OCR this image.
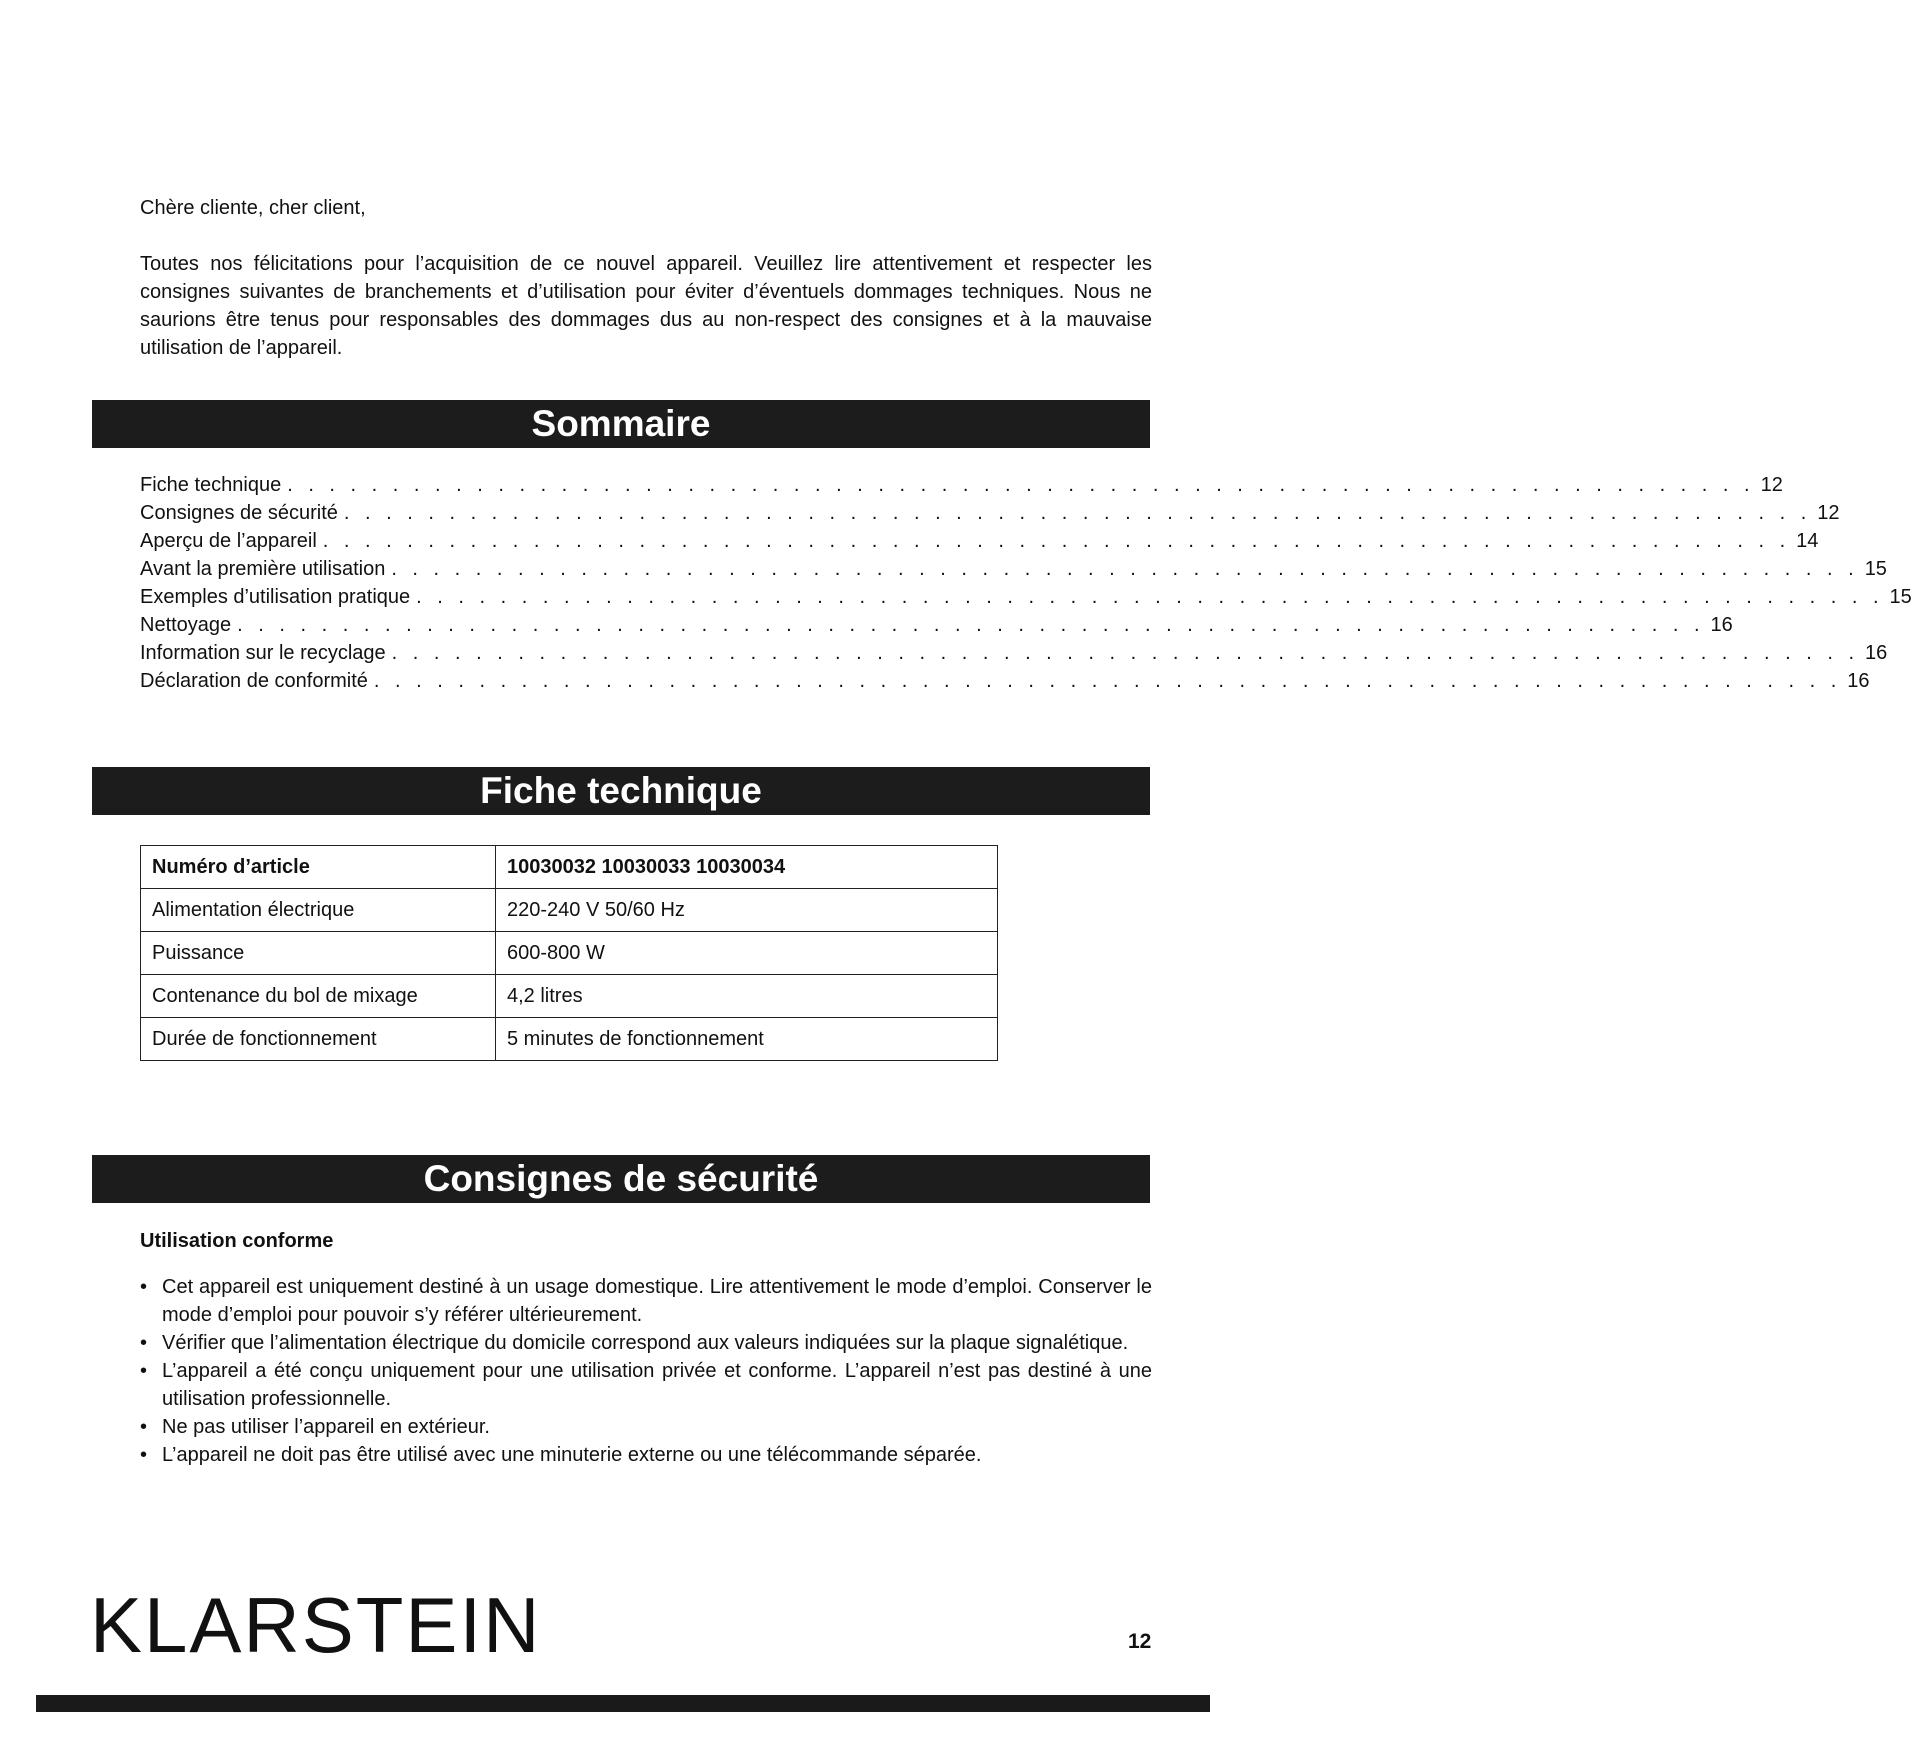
Chère cliente, cher client,
Toutes nos félicitations pour l’acquisition de ce nouvel appareil. Veuillez lire attentivement et respecter les consignes suivantes de branchements et d’utilisation pour éviter d’éventuels dommages techniques. Nous ne saurions être tenus pour responsables des dommages dus au non-respect des consignes et à la mauvaise utilisation de l’appareil.
Sommaire
Fiche technique . . . . . . . . . . . . . . . . . . . . . . . . . . . . . . . . . . . . . . . . . . . . . . . . . . . . . . . . . . . . . . . . . . . . . . 12
Consignes de sécurité . . . . . . . . . . . . . . . . . . . . . . . . . . . . . . . . . . . . . . . . . . . . . . . . . . . . . . . . . . . . . . . . . . . . . . 12
Aperçu de l’appareil . . . . . . . . . . . . . . . . . . . . . . . . . . . . . . . . . . . . . . . . . . . . . . . . . . . . . . . . . . . . . . . . . . . . . . 14
Avant la première utilisation . . . . . . . . . . . . . . . . . . . . . . . . . . . . . . . . . . . . . . . . . . . . . . . . . . . . . . . . . . . . . . . . . . . . . . 15
Exemples d’utilisation pratique . . . . . . . . . . . . . . . . . . . . . . . . . . . . . . . . . . . . . . . . . . . . . . . . . . . . . . . . . . . . . . . . . . . . . . 15
Nettoyage . . . . . . . . . . . . . . . . . . . . . . . . . . . . . . . . . . . . . . . . . . . . . . . . . . . . . . . . . . . . . . . . . . . . . . 16
Information sur le recyclage . . . . . . . . . . . . . . . . . . . . . . . . . . . . . . . . . . . . . . . . . . . . . . . . . . . . . . . . . . . . . . . . . . . . . . 16
Déclaration de conformité . . . . . . . . . . . . . . . . . . . . . . . . . . . . . . . . . . . . . . . . . . . . . . . . . . . . . . . . . . . . . . . . . . . . . . 16
Fiche technique
Numéro d’article	10030032 10030033 10030034
Alimentation électrique	220-240 V 50/60 Hz
Puissance	600-800 W
Contenance du bol de mixage	4,2 litres
Durée de fonctionnement	5 minutes de fonctionnement
Consignes de sécurité
Utilisation conforme
• Cet appareil est uniquement destiné à un usage domestique. Lire attentivement le mode d’emploi. Conserver le mode d’emploi pour pouvoir s’y référer ultérieurement.
• Vérifier que l’alimentation électrique du domicile correspond aux valeurs indiquées sur la plaque signalétique.
• L’appareil a été conçu uniquement pour une utilisation privée et conforme. L’appareil n’est pas destiné à une utilisation professionnelle.
• Ne pas utiliser l’appareil en extérieur.
• L’appareil ne doit pas être utilisé avec une minuterie externe ou une télécommande séparée.
KLARSTEIN	12
